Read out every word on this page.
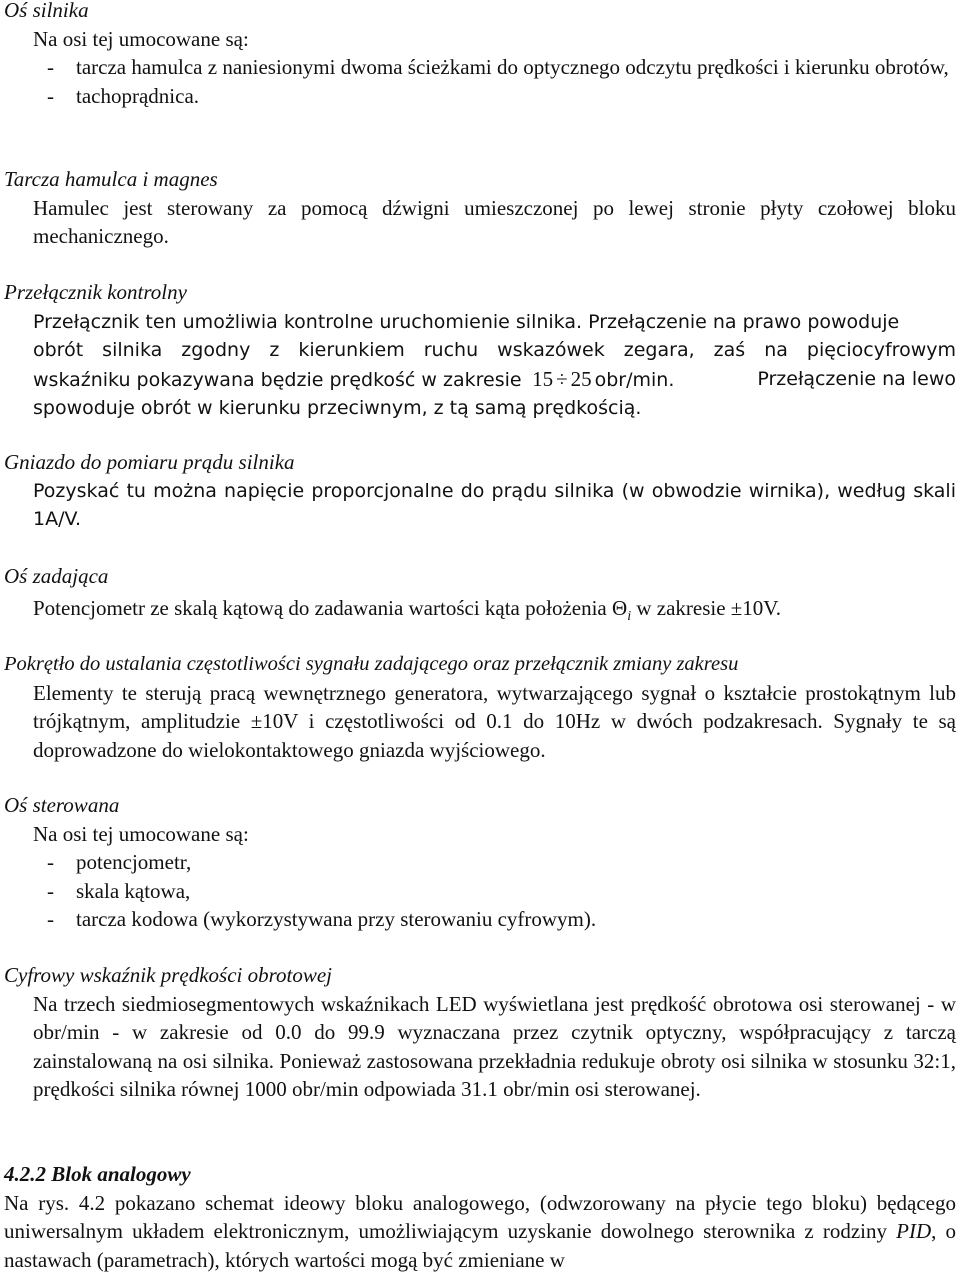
Oś silnika
Na osi tej umocowane są:
- tarcza hamulca z naniesionymi dwoma ścieżkami do optycznego odczytu prędkości i kierunku obrotów,
- tachoprądnica.
Tarcza hamulca i magnes
Hamulec jest sterowany za pomocą dźwigni umieszczonej po lewej stronie płyty czołowej bloku mechanicznego.
Przełącznik kontrolny
Przełącznik ten umożliwia kontrolne uruchomienie silnika. Przełączenie na prawo powoduje
obrót silnika zgodny z kierunkiem ruchu wskazówek zegara, zaś na pięciocyfrowym
wskaźniku pokazywana będzie prędkość w zakresie 15 ÷ 25 obr/min.	Przełączenie na lewo
spowoduje obrót w kierunku przeciwnym, z tą samą prędkością.
Gniazdo do pomiaru prądu silnika
Pozyskać tu można napięcie proporcjonalne do prądu silnika (w obwodzie wirnika), według skali 1A/V.
Oś zadająca
Potencjometr ze skalą kątową do zadawania wartości kąta położenia $\Theta_i$ w zakresie ±10V.
Pokrętło do ustalania częstotliwości sygnału zadającego oraz przełącznik zmiany zakresu
Elementy te sterują pracą wewnętrznego generatora, wytwarzającego sygnał o kształcie prostokątnym lub trójkątnym, amplitudzie ±10V i częstotliwości od 0.1 do 10Hz w dwóch podzakresach. Sygnały te są doprowadzone do wielokontaktowego gniazda wyjściowego.
Oś sterowana
Na osi tej umocowane są:
- potencjometr,
- skala kątowa,
- tarcza kodowa (wykorzystywana przy sterowaniu cyfrowym).
Cyfrowy wskaźnik prędkości obrotowej
Na trzech siedmiosegmentowych wskaźnikach LED wyświetlana jest prędkość obrotowa osi sterowanej - w obr/min - w zakresie od 0.0 do 99.9 wyznaczana przez czytnik optyczny, współpracujący z tarczą zainstalowaną na osi silnika. Ponieważ zastosowana przekładnia redukuje obroty osi silnika w stosunku 32:1, prędkości silnika równej 1000 obr/min odpowiada 31.1 obr/min osi sterowanej.
4.2.2 Blok analogowy
Na rys. 4.2 pokazano schemat ideowy bloku analogowego, (odwzorowany na płycie tego bloku) będącego uniwersalnym układem elektronicznym, umożliwiającym uzyskanie dowolnego sterownika z rodziny PID, o nastawach (parametrach), których wartości mogą być zmieniane w
